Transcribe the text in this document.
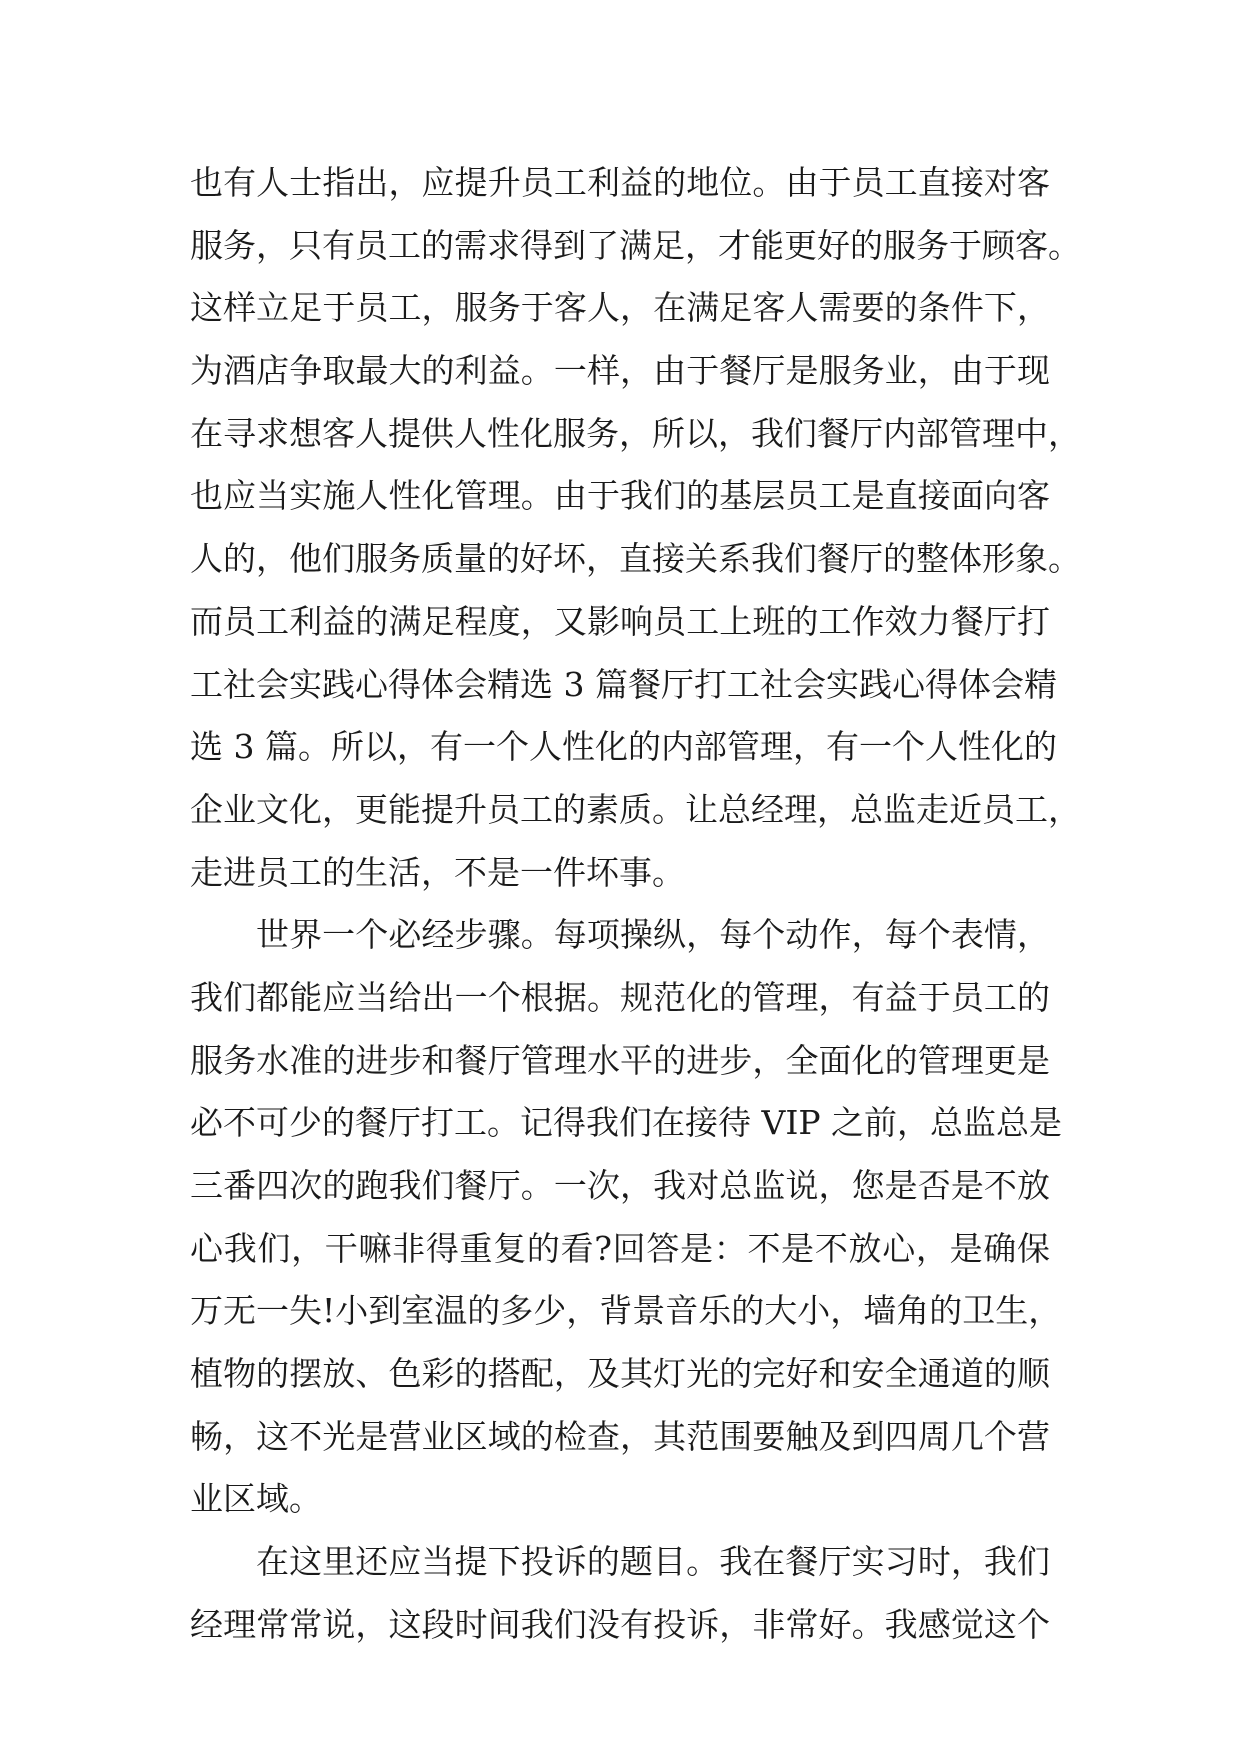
也有人士指出，应提升员工利益的地位。由于员工直接对客
服务，只有员工的需求得到了满足，才能更好的服务于顾客。
这样立足于员工，服务于客人，在满足客人需要的条件下，
为酒店争取最大的利益。一样，由于餐厅是服务业，由于现
在寻求想客人提供人性化服务，所以，我们餐厅内部管理中，
也应当实施人性化管理。由于我们的基层员工是直接面向客
人的，他们服务质量的好坏，直接关系我们餐厅的整体形象。
而员工利益的满足程度，又影响员工上班的工作效力餐厅打
工社会实践心得体会精选 3 篇餐厅打工社会实践心得体会精
选 3 篇。所以，有一个人性化的内部管理，有一个人性化的
企业文化，更能提升员工的素质。让总经理，总监走近员工，
走进员工的生活，不是一件坏事。
世界一个必经步骤。每项操纵，每个动作，每个表情，
我们都能应当给出一个根据。规范化的管理，有益于员工的
服务水准的进步和餐厅管理水平的进步，全面化的管理更是
必不可少的餐厅打工。记得我们在接待 VIP 之前，总监总是
三番四次的跑我们餐厅。一次，我对总监说，您是否是不放
心我们，干嘛非得重复的看?回答是：不是不放心，是确保
万无一失!小到室温的多少，背景音乐的大小，墙角的卫生，
植物的摆放、色彩的搭配，及其灯光的完好和安全通道的顺
畅，这不光是营业区域的检查，其范围要触及到四周几个营
业区域。
在这里还应当提下投诉的题目。我在餐厅实习时，我们
经理常常说，这段时间我们没有投诉，非常好。我感觉这个
